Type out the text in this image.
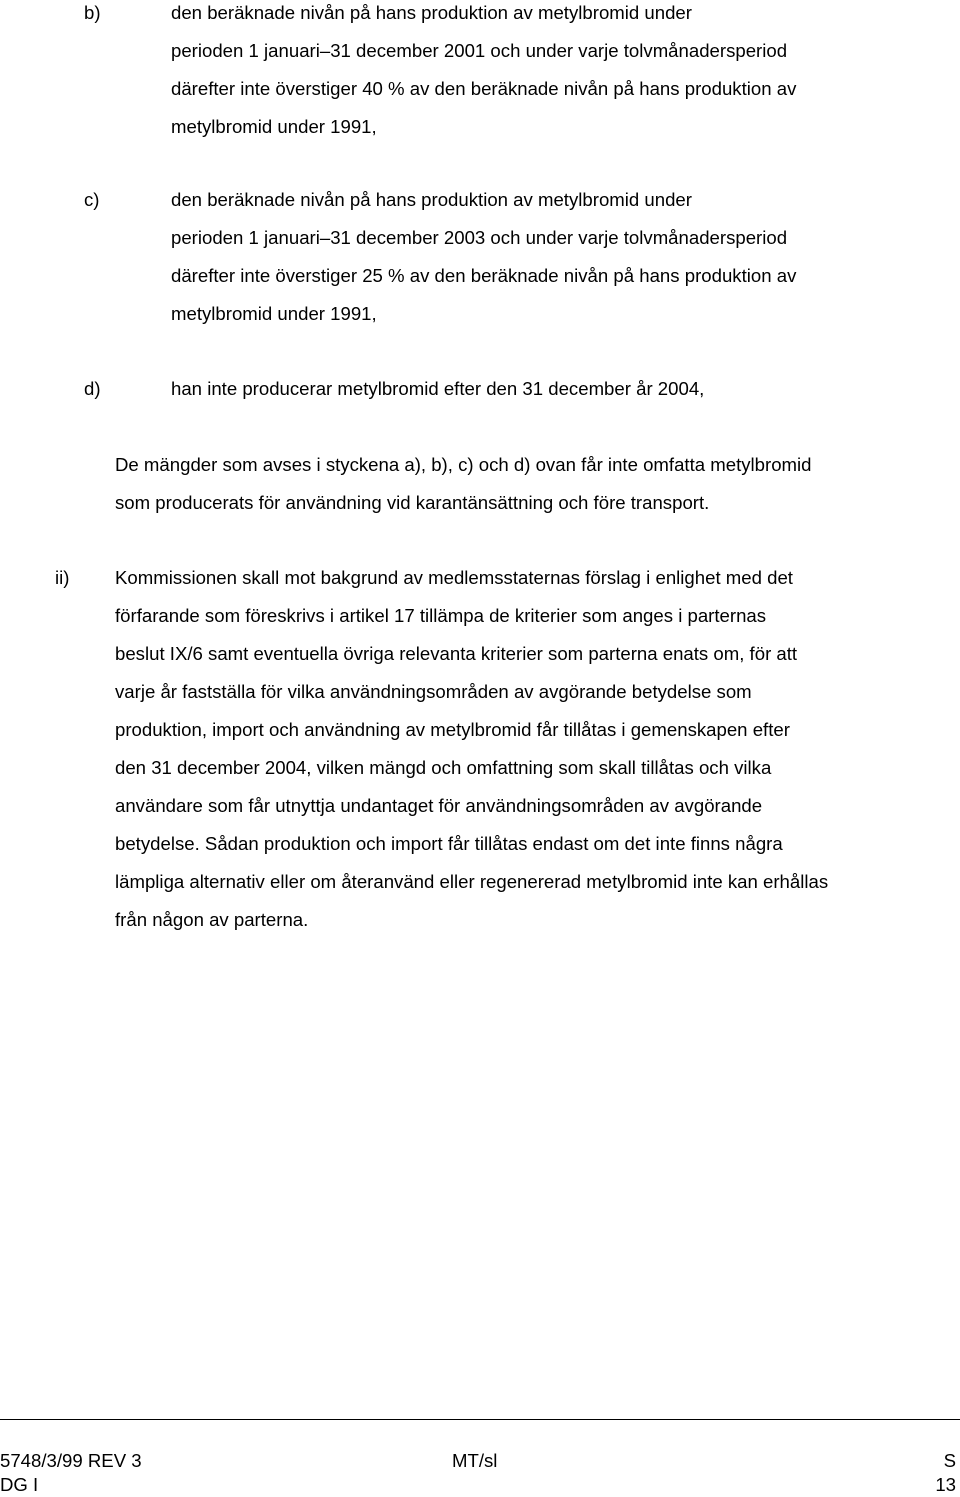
b)	den beräknade nivån på hans produktion av metylbromid under
perioden 1 januari–31 december 2001 och under varje tolvmånadersperiod
därefter inte överstiger 40 % av den beräknade nivån på hans produktion av
metylbromid under 1991,
c)	den beräknade nivån på hans produktion av metylbromid under
perioden 1 januari–31 december 2003 och under varje tolvmånadersperiod
därefter inte överstiger 25 % av den beräknade nivån på hans produktion av
metylbromid under 1991,
d)	han inte producerar metylbromid efter den 31 december år 2004,
De mängder som avses i styckena a), b), c) och d) ovan får inte omfatta metylbromid
som producerats för användning vid karantänsättning och före transport.
ii) Kommissionen skall mot bakgrund av medlemsstaternas förslag i enlighet med det
förfarande som föreskrivs i artikel 17 tillämpa de kriterier som anges i parternas
beslut IX/6 samt eventuella övriga relevanta kriterier som parterna enats om, för att
varje år fastställa för vilka användningsområden av avgörande betydelse som
produktion, import och användning av metylbromid får tillåtas i gemenskapen efter
den 31 december 2004, vilken mängd och omfattning som skall tillåtas och vilka
användare som får utnyttja undantaget för användningsområden av avgörande
betydelse. Sådan produktion och import får tillåtas endast om det inte finns några
lämpliga alternativ eller om återanvänd eller regenererad metylbromid inte kan erhållas
från någon av parterna.
5748/3/99 REV 3	MT/sl	S
DG I	13
